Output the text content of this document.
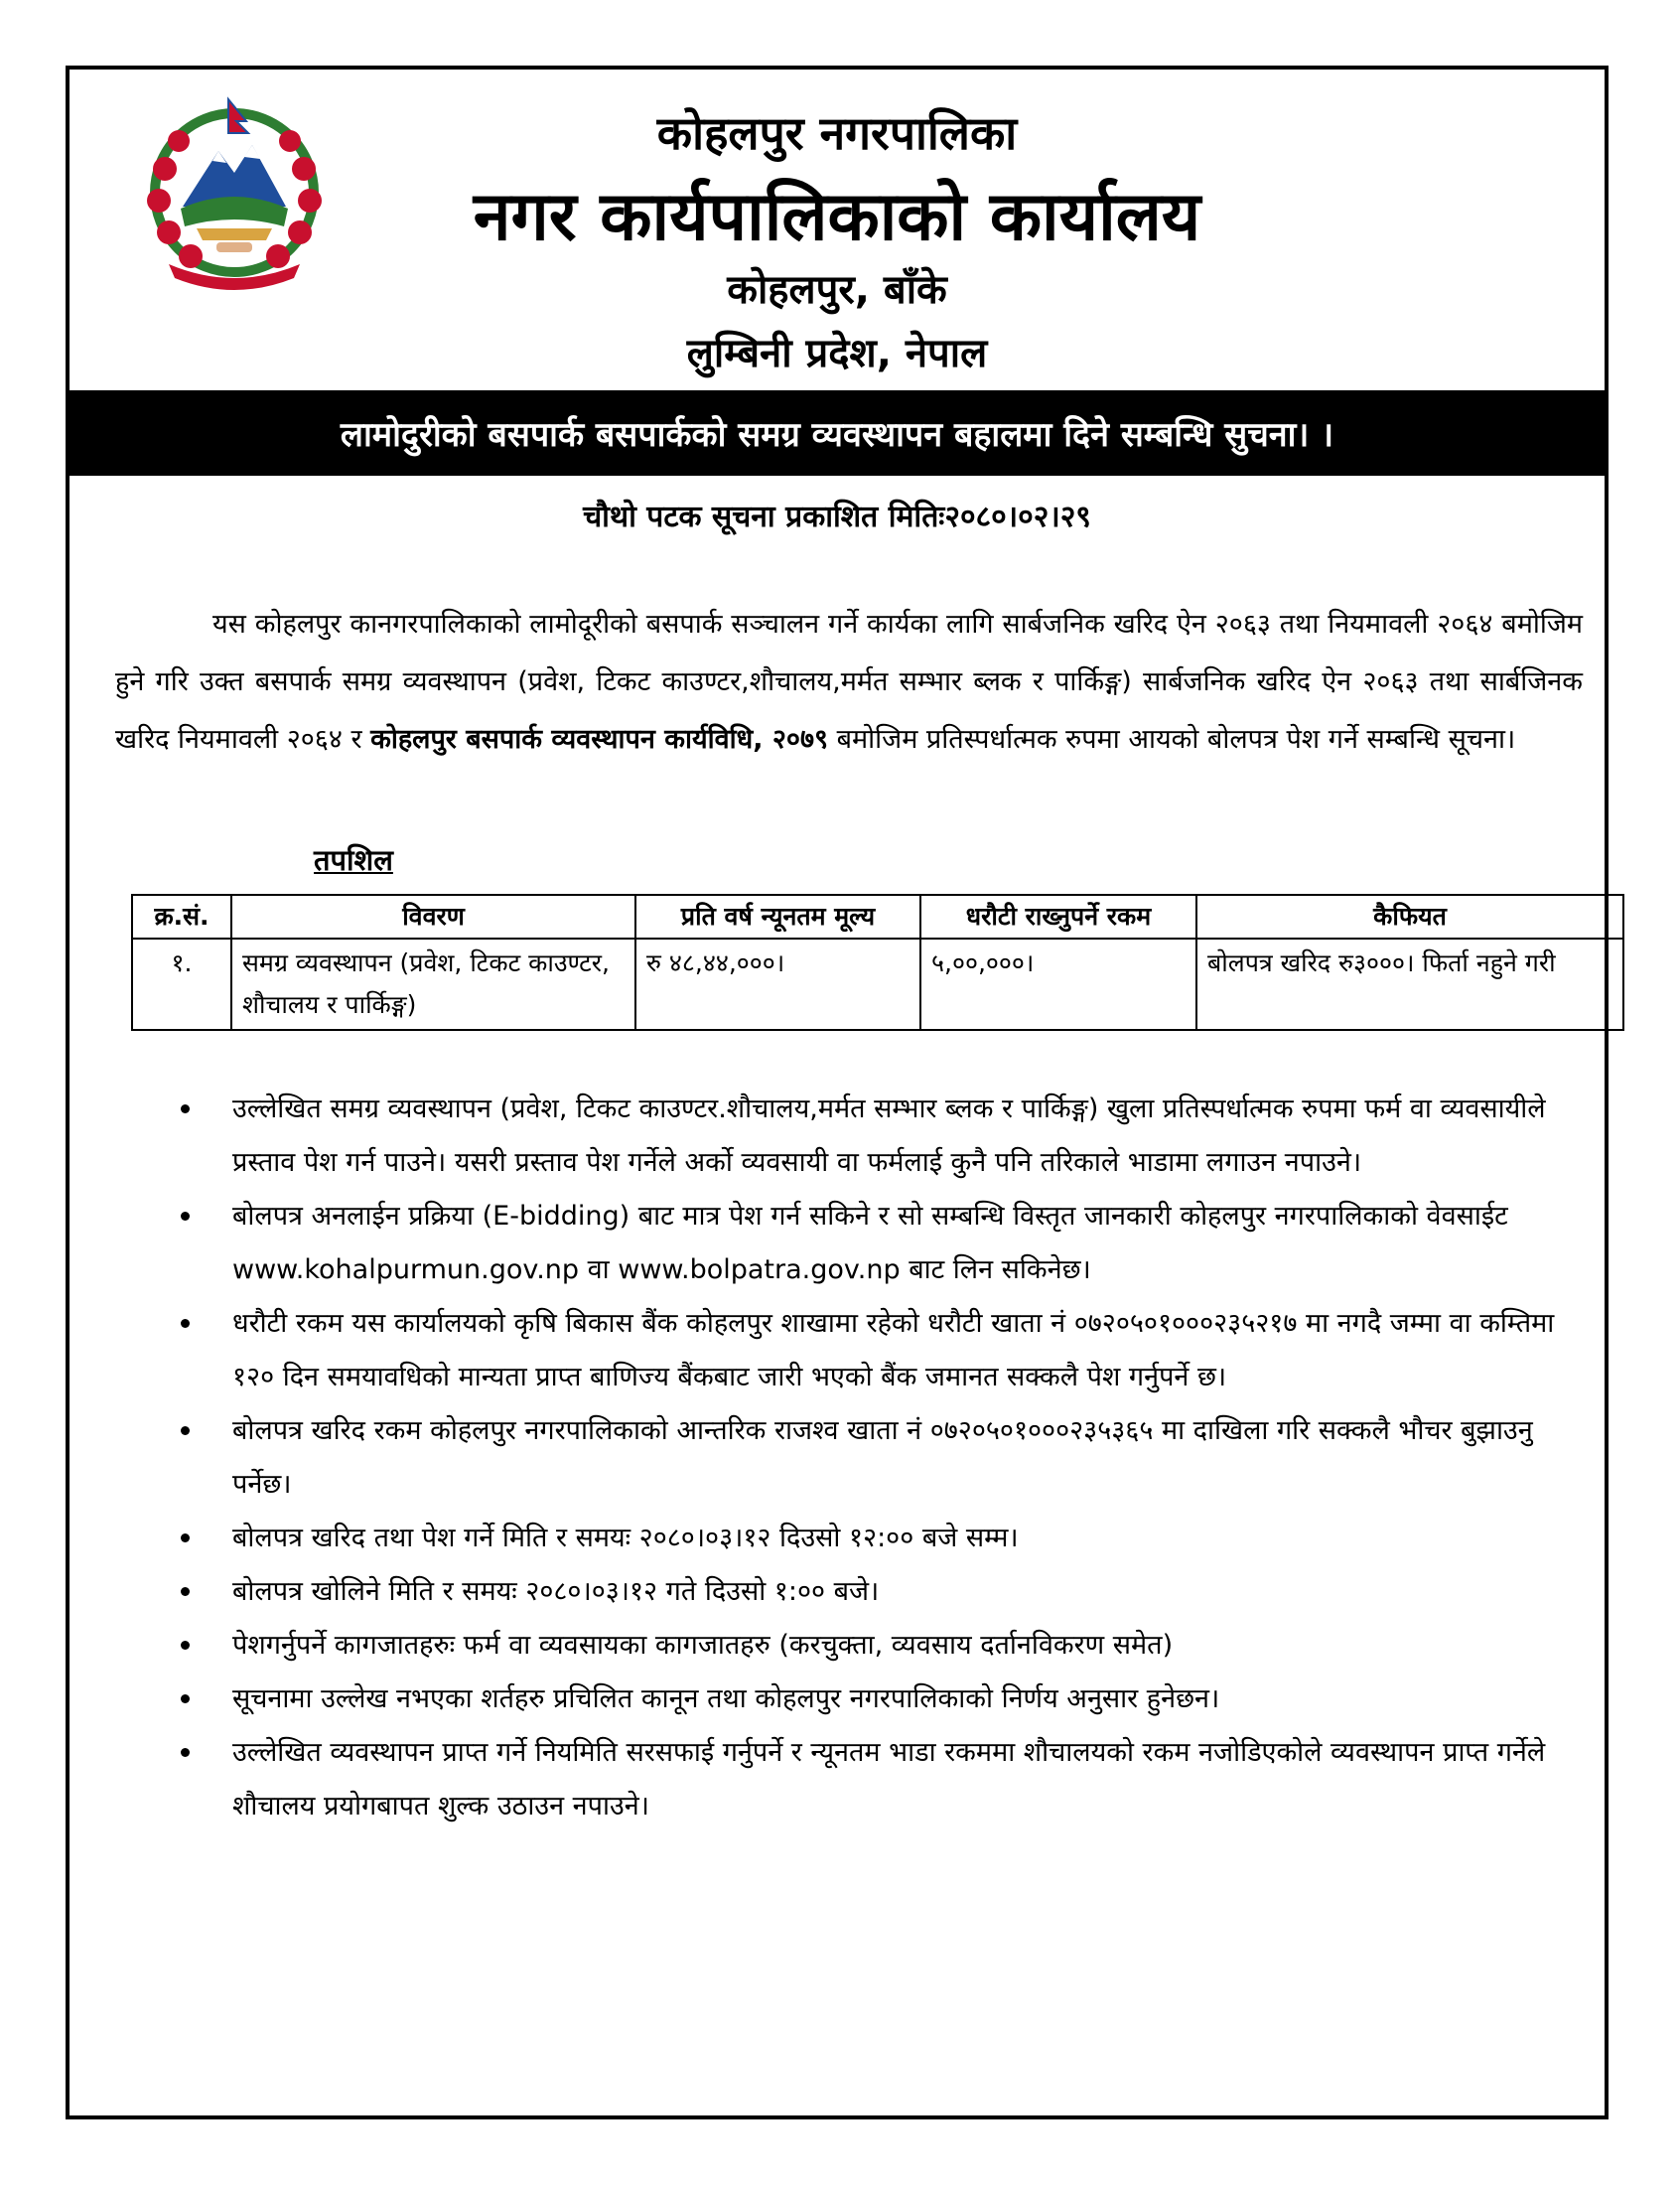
कोहलपुर नगरपालिका
नगर कार्यपालिकाको कार्यालय
कोहलपुर, बाँके
लुम्बिनी प्रदेश, नेपाल
लामोदुरीको बसपार्क बसपार्कको समग्र व्यवस्थापन बहालमा दिने सम्बन्धि सुचना। ।
चौथो पटक सूचना प्रकाशित मितिः२०८०।०२।२९
यस कोहलपुर कानगरपालिकाको लामोदूरीको बसपार्क सञ्चालन गर्ने कार्यका लागि सार्बजनिक खरिद ऐन २०६३ तथा नियमावली २०६४ बमोजिम हुने गरि उक्त बसपार्क समग्र व्यवस्थापन (प्रवेश, टिकट काउण्टर,शौचालय,मर्मत सम्भार ब्लक र पार्किङ्ग) सार्बजनिक खरिद ऐन २०६३ तथा सार्बजिनक खरिद नियमावली २०६४ र कोहलपुर बसपार्क व्यवस्थापन कार्यविधि, २०७९ बमोजिम प्रतिस्पर्धात्मक रुपमा आयको बोलपत्र पेश गर्ने सम्बन्धि सूचना।
तपशिल
क्र.सं.	विवरण	प्रति वर्ष न्यूनतम मूल्य	धरौटी राख्नुपर्ने रकम	कैफियत
१.	समग्र व्यवस्थापन (प्रवेश, टिकट काउण्टर, शौचालय र पार्किङ्ग)	रु ४८,४४,०००।	५,००,०००।	बोलपत्र खरिद रु३०००। फिर्ता नहुने गरी
उल्लेखित समग्र व्यवस्थापन (प्रवेश, टिकट काउण्टर.शौचालय,मर्मत सम्भार ब्लक र पार्किङ्ग) खुला प्रतिस्पर्धात्मक रुपमा फर्म वा व्यवसायीले प्रस्ताव पेश गर्न पाउने। यसरी प्रस्ताव पेश गर्नेले अर्को व्यवसायी वा फर्मलाई कुनै पनि तरिकाले भाडामा लगाउन नपाउने।
बोलपत्र अनलाईन प्रक्रिया (E-bidding) बाट मात्र पेश गर्न सकिने र सो सम्बन्धि विस्तृत जानकारी कोहलपुर नगरपालिकाको वेवसाईट www.kohalpurmun.gov.np वा www.bolpatra.gov.np बाट लिन सकिनेछ।
धरौटी रकम यस कार्यालयको कृषि बिकास बैंक कोहलपुर शाखामा रहेको धरौटी खाता नं ०७२०५०१०००२३५२१७ मा नगदै जम्मा वा कम्तिमा १२० दिन समयावधिको मान्यता प्राप्त बाणिज्य बैंकबाट जारी भएको बैंक जमानत सक्कलै पेश गर्नुपर्ने छ।
बोलपत्र खरिद रकम कोहलपुर नगरपालिकाको आन्तरिक राजश्व खाता नं ०७२०५०१०००२३५३६५ मा दाखिला गरि सक्कलै भौचर बुझाउनु पर्नेछ।
बोलपत्र खरिद तथा पेश गर्ने मिति र समयः २०८०।०३।१२ दिउसो १२:०० बजे सम्म।
बोलपत्र खोलिने मिति र समयः २०८०।०३।१२ गते दिउसो १:०० बजे।
पेशगर्नुपर्ने कागजातहरुः फर्म वा व्यवसायका कागजातहरु (करचुक्ता, व्यवसाय दर्तानविकरण समेत)
सूचनामा उल्लेख नभएका शर्तहरु प्रचिलित कानून तथा कोहलपुर नगरपालिकाको निर्णय अनुसार हुनेछन।
उल्लेखित व्यवस्थापन प्राप्त गर्ने नियमिति सरसफाई गर्नुपर्ने र न्यूनतम भाडा रकममा शौचालयको रकम नजोडिएकोले व्यवस्थापन प्राप्त गर्नेले शौचालय प्रयोगबापत शुल्क उठाउन नपाउने।
